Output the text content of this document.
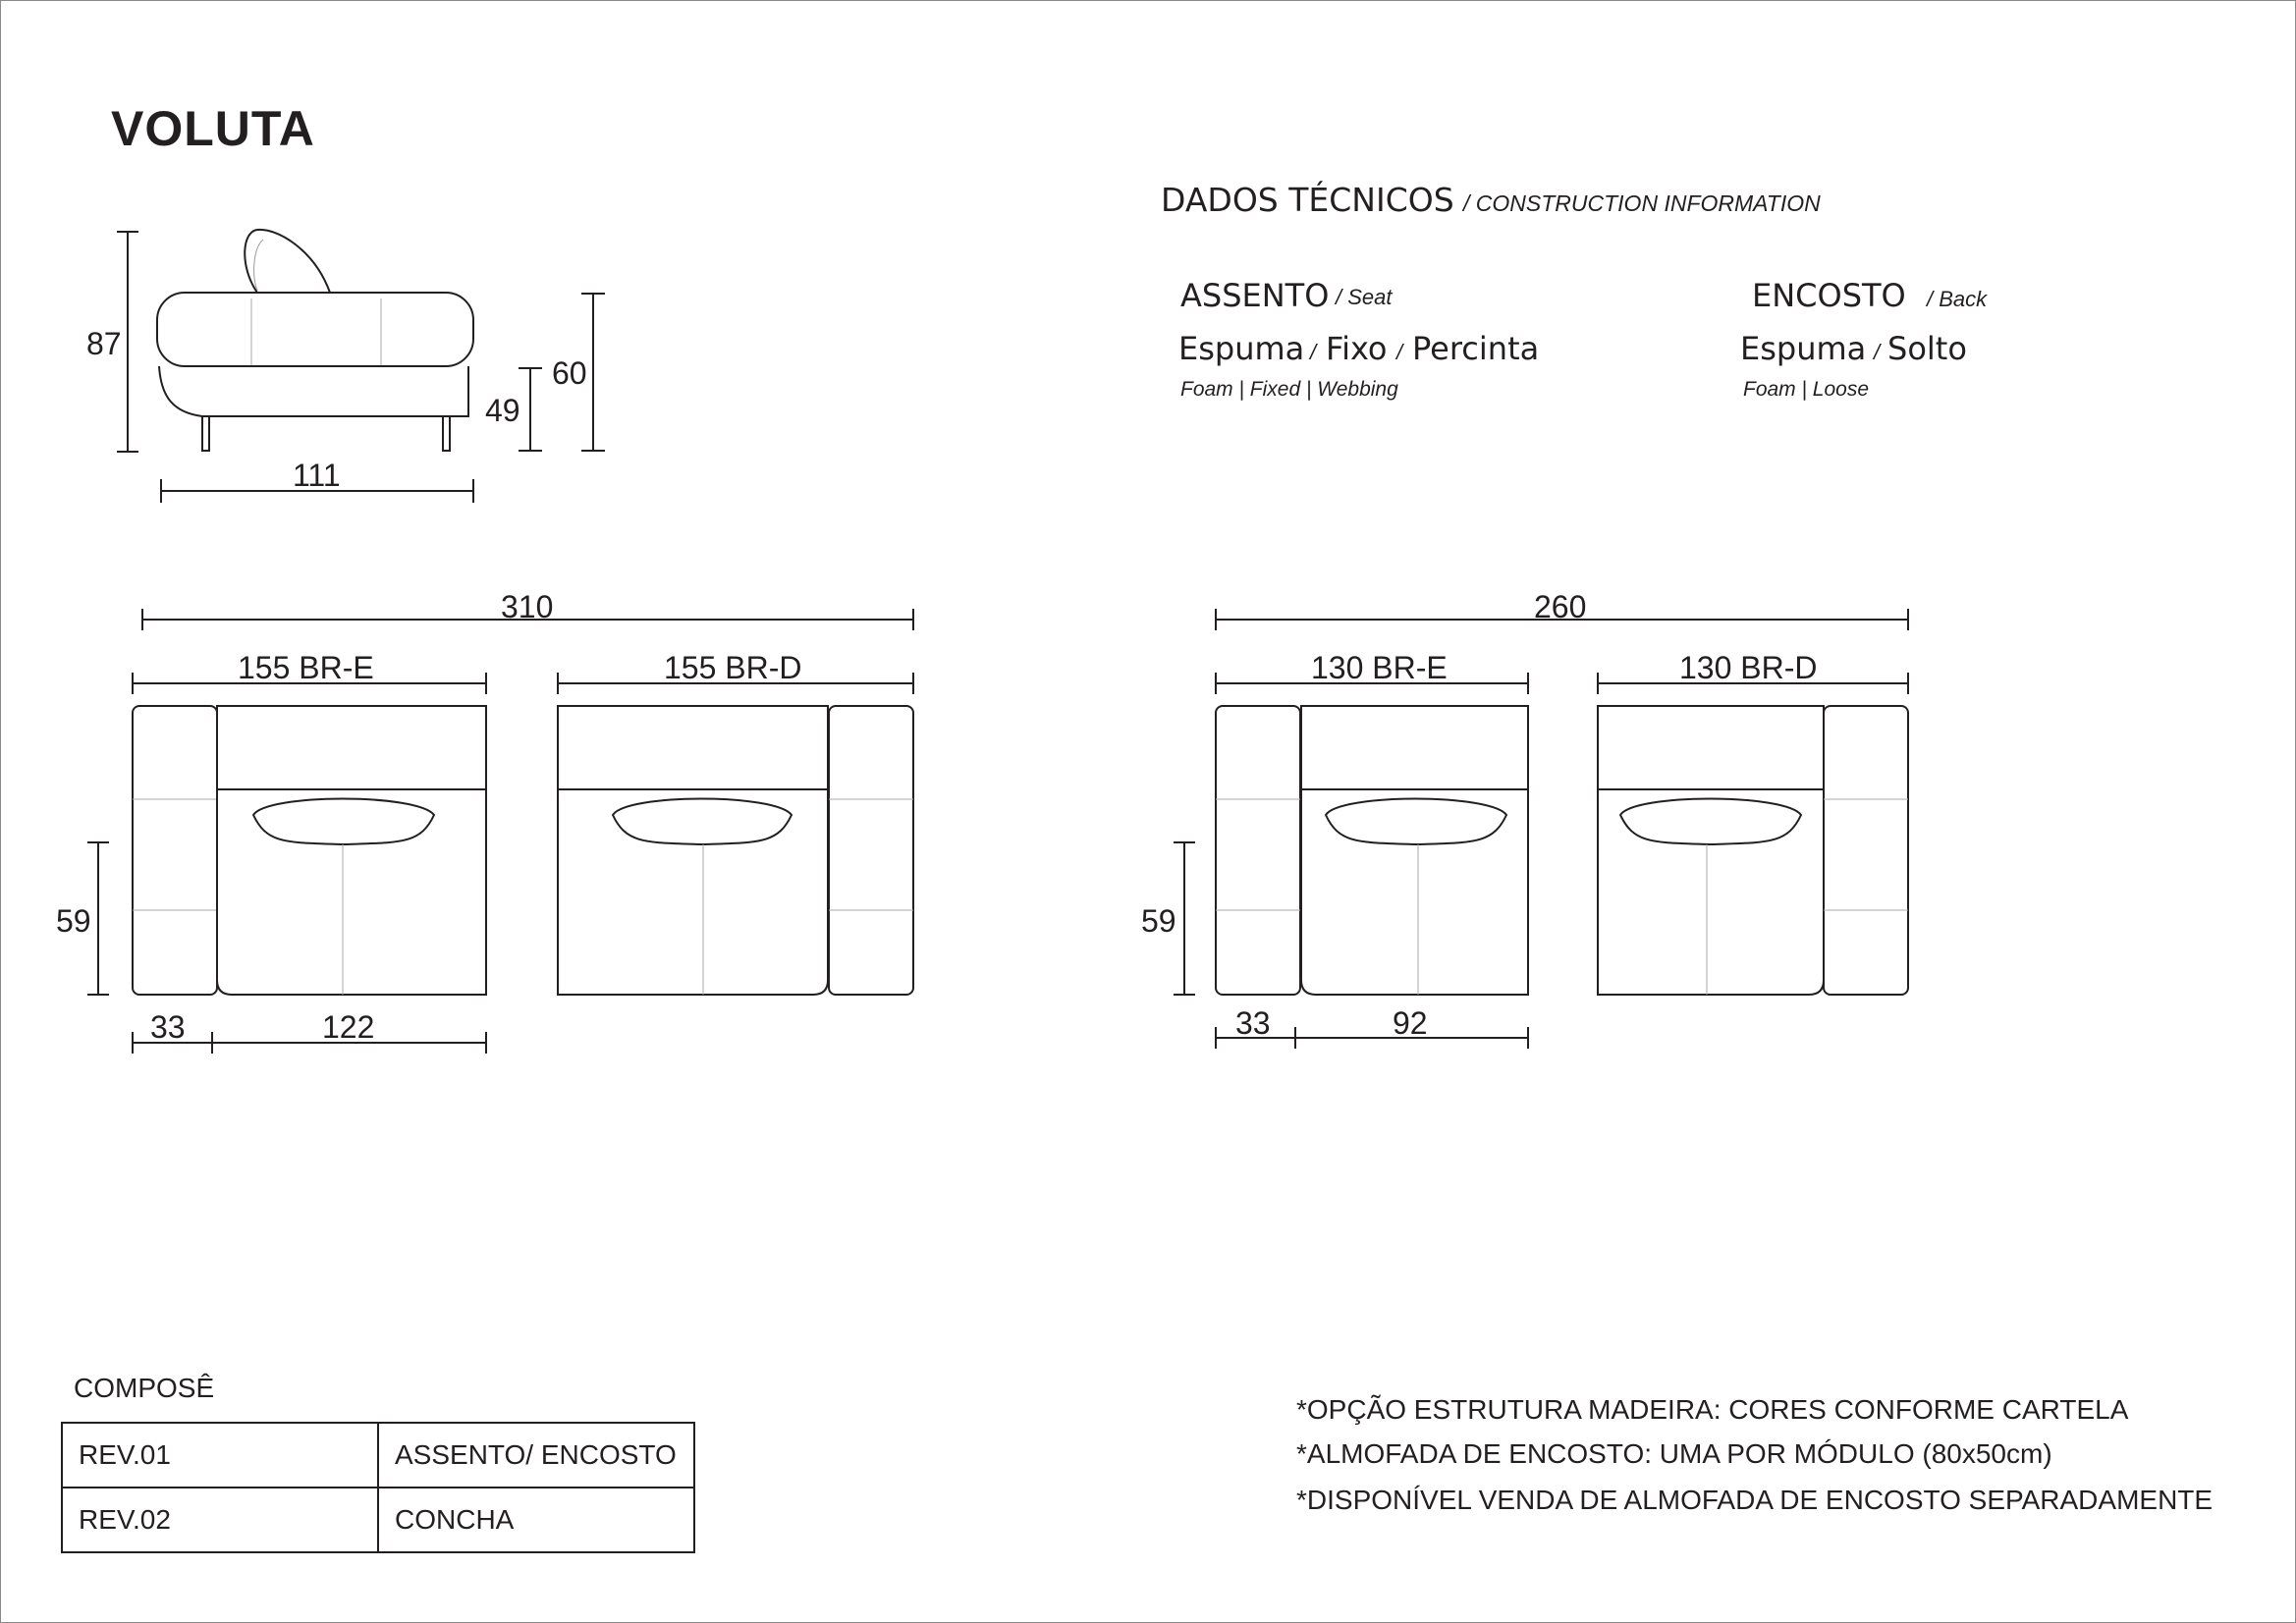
VOLUTA
DADOS TÉCNICOS / CONSTRUCTION INFORMATION
ASSENTO / Seat
Espuma / Fixo / Percinta
Foam | Fixed | Webbing
ENCOSTO / Back
Espuma / Solto
Foam | Loose
87
60
49
111
310
155 BR-E	155 BR-D
59
33	122
260
130 BR-E	130 BR-D
59
33	92
COMPOSÊ
REV.01	ASSENTO/ ENCOSTO
REV.02	CONCHA
*OPÇÃO ESTRUTURA MADEIRA: CORES CONFORME CARTELA
*ALMOFADA DE ENCOSTO: UMA POR MÓDULO (80x50cm)
*DISPONÍVEL VENDA DE ALMOFADA DE ENCOSTO SEPARADAMENTE
